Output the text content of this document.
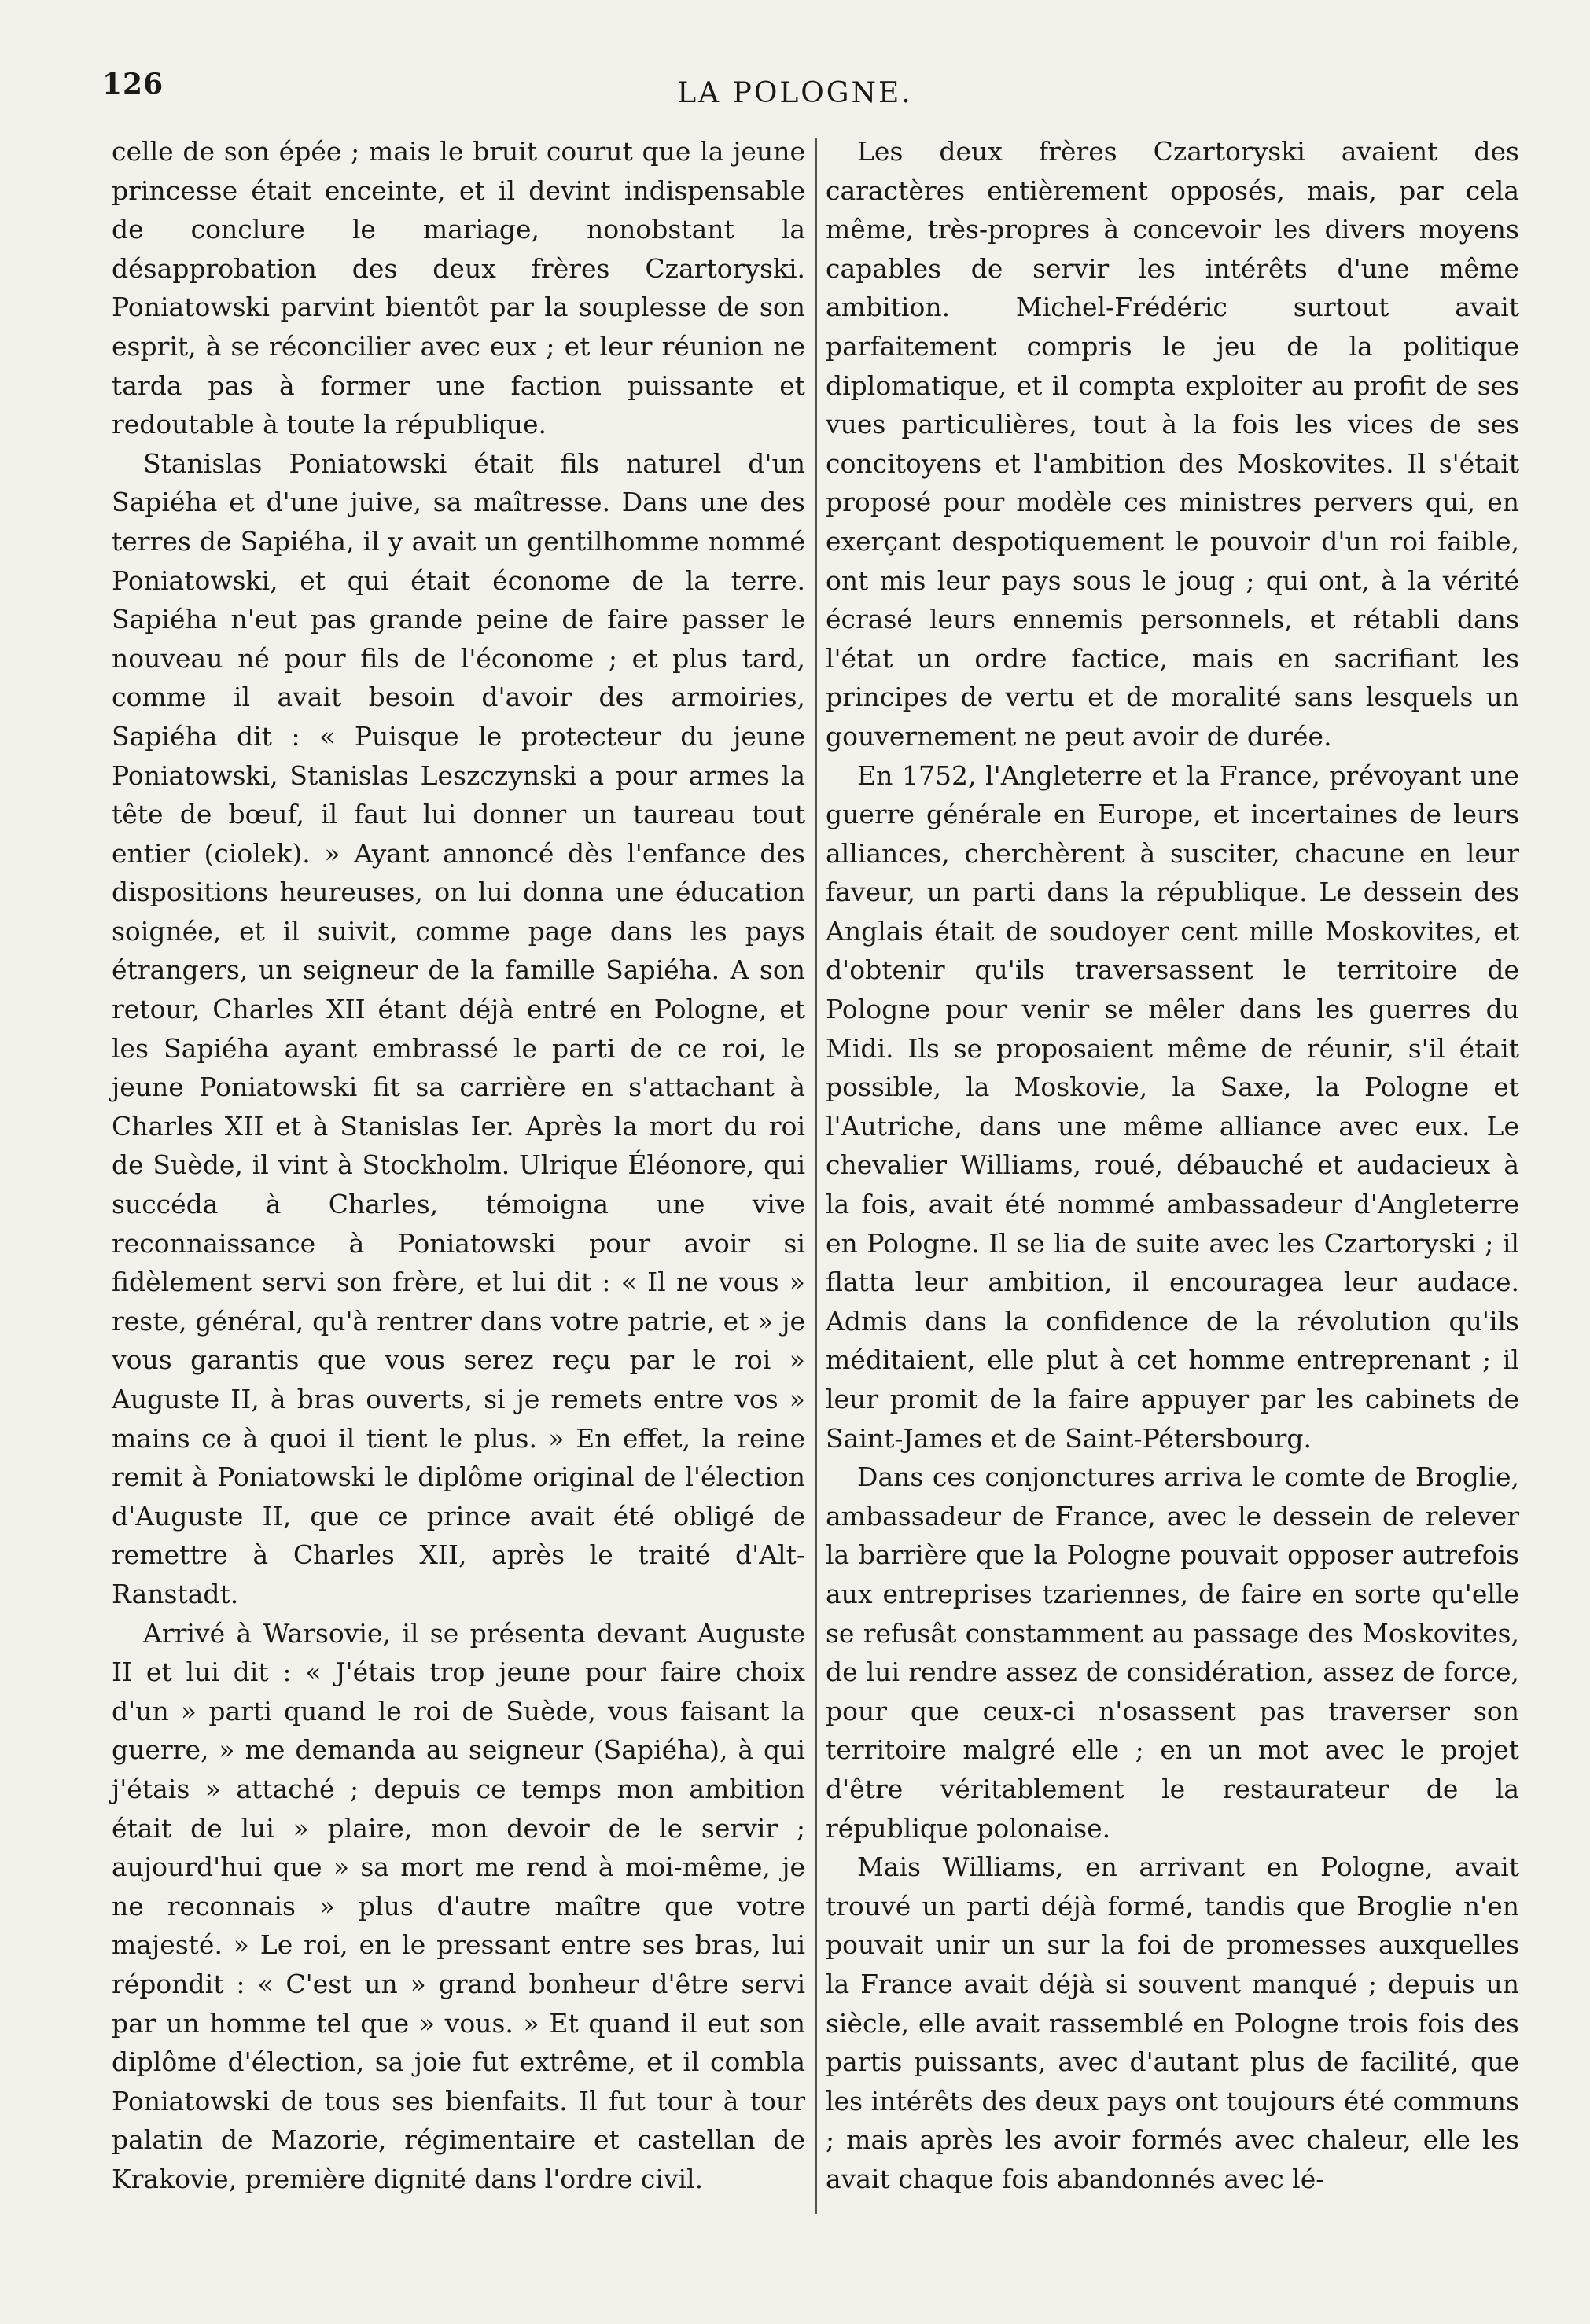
126	LA POLOGNE.

celle de son épée ; mais le bruit courut que la jeune princesse était enceinte, et il devint indispensable de conclure le mariage, nonobstant la désapprobation des deux frères Czartoryski. Poniatowski parvint bientôt par la souplesse de son esprit, à se réconcilier avec eux ; et leur réunion ne tarda pas à former une faction puissante et redoutable à toute la république.

Stanislas Poniatowski était fils naturel d'un Sapiéha et d'une juive, sa maîtresse. Dans une des terres de Sapiéha, il y avait un gentilhomme nommé Poniatowski, et qui était économe de la terre. Sapiéha n'eut pas grande peine de faire passer le nouveau né pour fils de l'économe ; et plus tard, comme il avait besoin d'avoir des armoiries, Sapiéha dit : « Puisque le protecteur du jeune Poniatowski, Stanislas Leszczynski a pour armes la tête de bœuf, il faut lui donner un taureau tout entier (ciolek). » Ayant annoncé dès l'enfance des dispositions heureuses, on lui donna une éducation soignée, et il suivit, comme page dans les pays étrangers, un seigneur de la famille Sapiéha. A son retour, Charles XII étant déjà entré en Pologne, et les Sapiéha ayant embrassé le parti de ce roi, le jeune Poniatowski fit sa carrière en s'attachant à Charles XII et à Stanislas Ier. Après la mort du roi de Suède, il vint à Stockholm. Ulrique Éléonore, qui succéda à Charles, témoigna une vive reconnaissance à Poniatowski pour avoir si fidèlement servi son frère, et lui dit : « Il ne vous » reste, général, qu'à rentrer dans votre patrie, et » je vous garantis que vous serez reçu par le roi » Auguste II, à bras ouverts, si je remets entre vos » mains ce à quoi il tient le plus. » En effet, la reine remit à Poniatowski le diplôme original de l'élection d'Auguste II, que ce prince avait été obligé de remettre à Charles XII, après le traité d'Alt-Ranstadt.

Arrivé à Warsovie, il se présenta devant Auguste II et lui dit : « J'étais trop jeune pour faire choix d'un » parti quand le roi de Suède, vous faisant la guerre, » me demanda au seigneur (Sapiéha), à qui j'étais » attaché ; depuis ce temps mon ambition était de lui » plaire, mon devoir de le servir ; aujourd'hui que » sa mort me rend à moi-même, je ne reconnais » plus d'autre maître que votre majesté. » Le roi, en le pressant entre ses bras, lui répondit : « C'est un » grand bonheur d'être servi par un homme tel que » vous. » Et quand il eut son diplôme d'élection, sa joie fut extrême, et il combla Poniatowski de tous ses bienfaits. Il fut tour à tour palatin de Mazorie, régimentaire et castellan de Krakovie, première dignité dans l'ordre civil.

Les deux frères Czartoryski avaient des caractères entièrement opposés, mais, par cela même, très-propres à concevoir les divers moyens capables de servir les intérêts d'une même ambition. Michel-Frédéric surtout avait parfaitement compris le jeu de la politique diplomatique, et il compta exploiter au profit de ses vues particulières, tout à la fois les vices de ses concitoyens et l'ambition des Moskovites. Il s'était proposé pour modèle ces ministres pervers qui, en exerçant despotiquement le pouvoir d'un roi faible, ont mis leur pays sous le joug ; qui ont, à la vérité écrasé leurs ennemis personnels, et rétabli dans l'état un ordre factice, mais en sacrifiant les principes de vertu et de moralité sans lesquels un gouvernement ne peut avoir de durée.

En 1752, l'Angleterre et la France, prévoyant une guerre générale en Europe, et incertaines de leurs alliances, cherchèrent à susciter, chacune en leur faveur, un parti dans la république. Le dessein des Anglais était de soudoyer cent mille Moskovites, et d'obtenir qu'ils traversassent le territoire de Pologne pour venir se mêler dans les guerres du Midi. Ils se proposaient même de réunir, s'il était possible, la Moskovie, la Saxe, la Pologne et l'Autriche, dans une même alliance avec eux. Le chevalier Williams, roué, débauché et audacieux à la fois, avait été nommé ambassadeur d'Angleterre en Pologne. Il se lia de suite avec les Czartoryski ; il flatta leur ambition, il encouragea leur audace. Admis dans la confidence de la révolution qu'ils méditaient, elle plut à cet homme entreprenant ; il leur promit de la faire appuyer par les cabinets de Saint-James et de Saint-Pétersbourg.

Dans ces conjonctures arriva le comte de Broglie, ambassadeur de France, avec le dessein de relever la barrière que la Pologne pouvait opposer autrefois aux entreprises tzariennes, de faire en sorte qu'elle se refusât constamment au passage des Moskovites, de lui rendre assez de considération, assez de force, pour que ceux-ci n'osassent pas traverser son territoire malgré elle ; en un mot avec le projet d'être véritablement le restaurateur de la république polonaise.

Mais Williams, en arrivant en Pologne, avait trouvé un parti déjà formé, tandis que Broglie n'en pouvait unir un sur la foi de promesses auxquelles la France avait déjà si souvent manqué ; depuis un siècle, elle avait rassemblé en Pologne trois fois des partis puissants, avec d'autant plus de facilité, que les intérêts des deux pays ont toujours été communs ; mais après les avoir formés avec chaleur, elle les avait chaque fois abandonnés avec lé-
